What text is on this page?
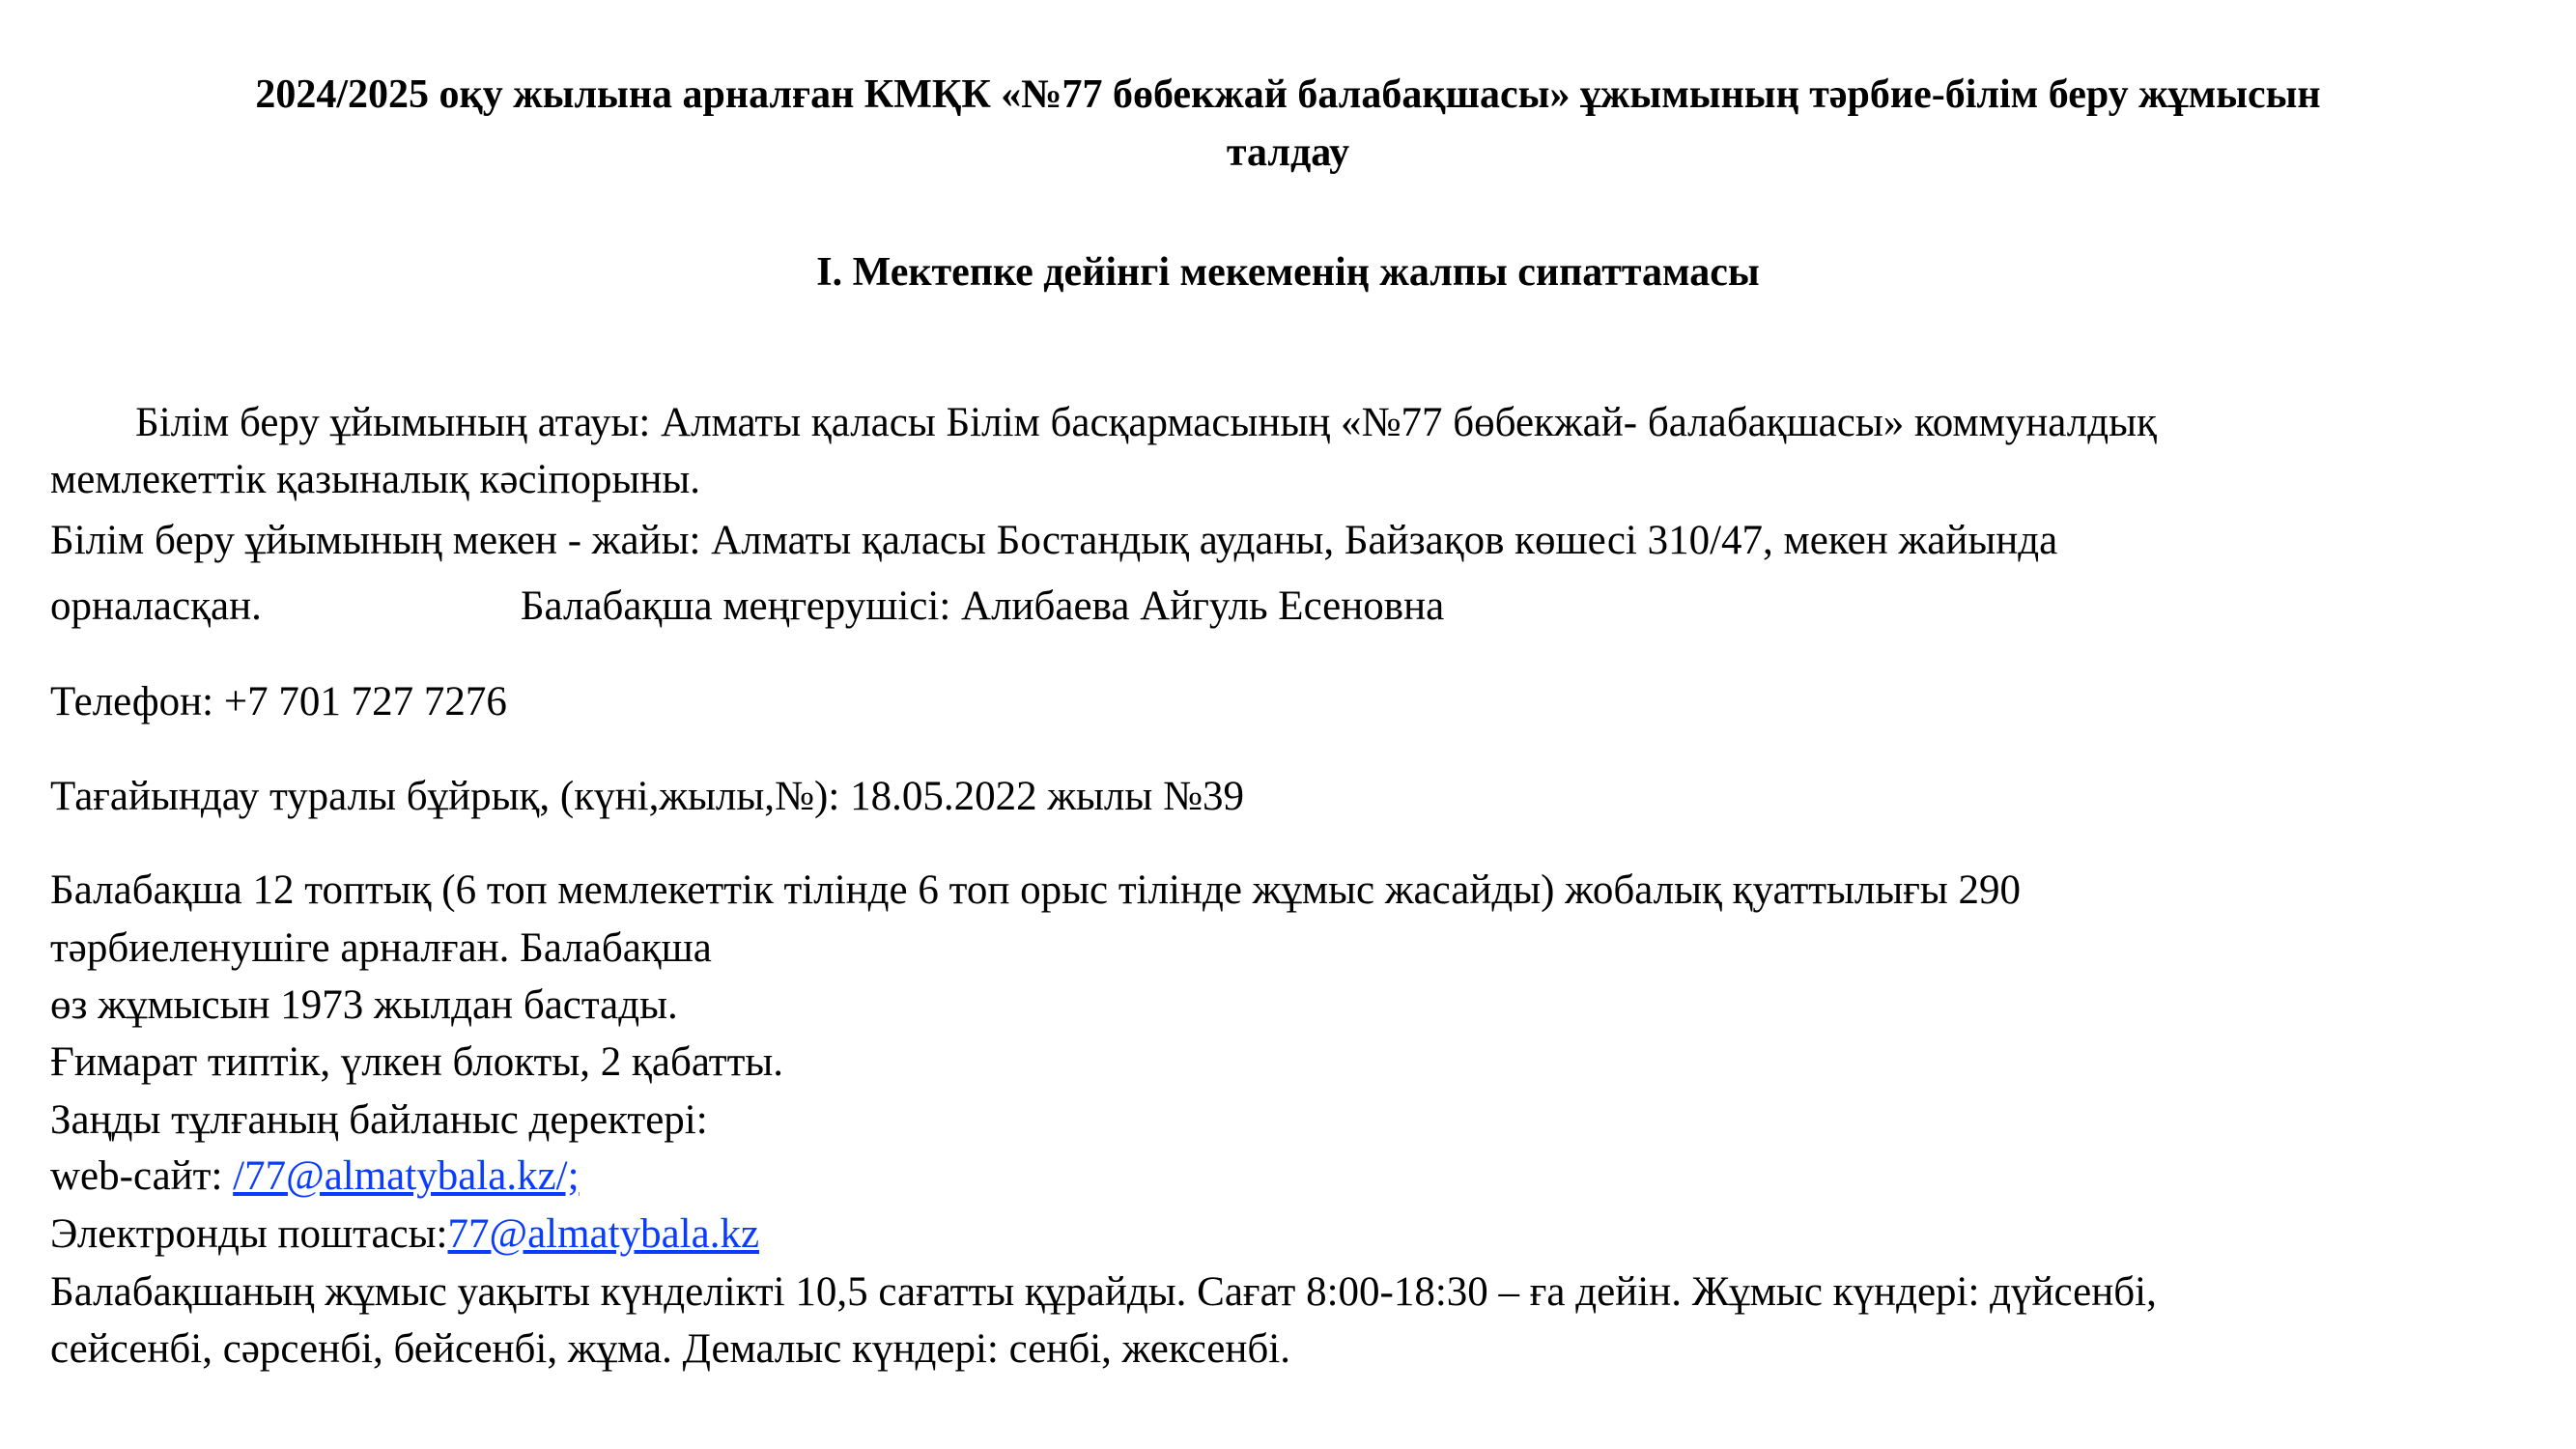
2024/2025 оқу жылына арналған КМҚК «№77 бөбекжай балабақшасы» ұжымының тәрбие-білім беру жұмысын

талдау

І. Мектепке дейінгі мекеменің жалпы сипаттамасы

Білім беру ұйымының атауы: Алматы қаласы Білім басқармасының «№77 бөбекжай- балабақшасы» коммуналдық

мемлекеттік қазыналық кәсіпорыны.

Білім беру ұйымының мекен - жайы: Алматы қаласы Бостандық ауданы, Байзақов көшесі 310/47, мекен жайында

орналасқан.	Балабақша меңгерушісі: Алибаева Айгуль Есеновна

Телефон: +7 701 727 7276

Тағайындау туралы бұйрық, (күні,жылы,№): 18.05.2022 жылы №39

Балабақша 12 топтық (6 топ мемлекеттік тілінде 6 топ орыс тілінде жұмыс жасайды) жобалық қуаттылығы 290

тәрбиеленушіге арналған. Балабақша

өз жұмысын 1973 жылдан бастады.

Ғимарат типтік, үлкен блокты, 2 қабатты.

Заңды тұлғаның байланыс деректері:

web-сайт: /77@almatybala.kz/;

Электронды поштасы:77@almatybala.kz

Балабақшаның жұмыс уақыты күнделікті 10,5 сағатты құрайды. Сағат 8:00-18:30 – ға дейін. Жұмыс күндері: дүйсенбі,

сейсенбі, сәрсенбі, бейсенбі, жұма. Демалыс күндері: сенбі, жексенбі.
